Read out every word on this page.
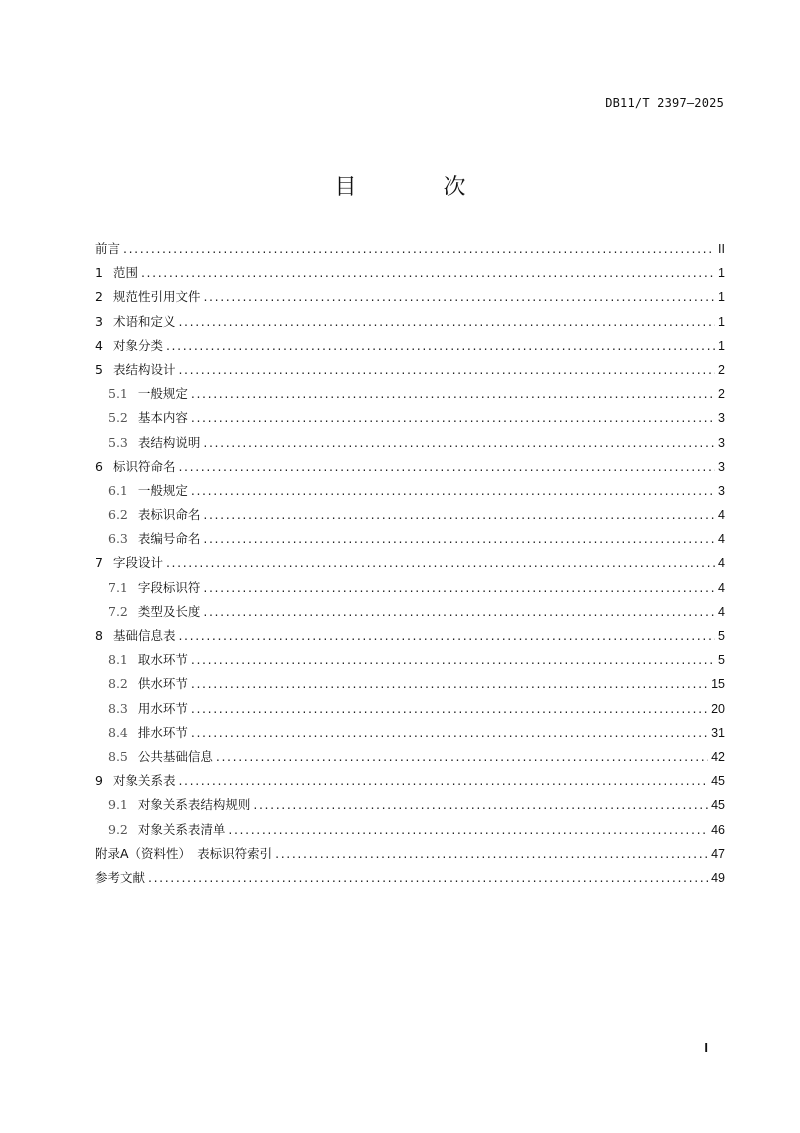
DB11/T 2397—2025
目 次
前言 .....	II
1 范围 .....	1
2 规范性引用文件 .....	1
3 术语和定义 .....	1
4 对象分类 .....	1
5 表结构设计 .....	2
5.1 一般规定 .....	2
5.2 基本内容 .....	3
5.3 表结构说明 .....	3
6 标识符命名 .....	3
6.1 一般规定 .....	3
6.2 表标识命名 .....	4
6.3 表编号命名 .....	4
7 字段设计 .....	4
7.1 字段标识符 .....	4
7.2 类型及长度 .....	4
8 基础信息表 .....	5
8.1 取水环节 .....	5
8.2 供水环节 .....	15
8.3 用水环节 .....	20
8.4 排水环节 .....	31
8.5 公共基础信息 .....	42
9 对象关系表 .....	45
9.1 对象关系表结构规则 .....	45
9.2 对象关系表清单 .....	46
附录A（资料性） 表标识符索引 .....	47
参考文献 .....	49
I
